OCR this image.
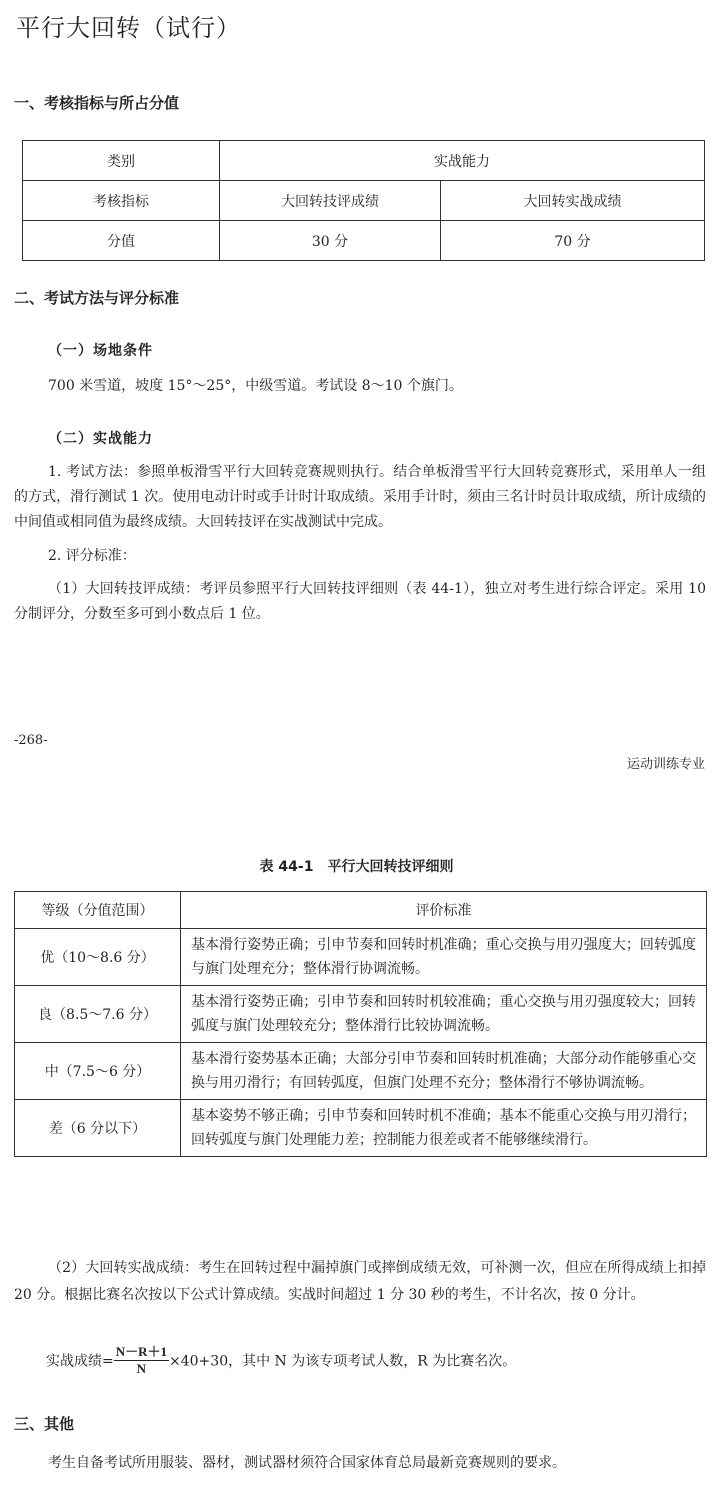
平行大回转（试行）
一、考核指标与所占分值
类别	实战能力	
考核指标	大回转技评成绩	大回转实战成绩
分值	30 分	70 分
二、考试方法与评分标准
（一）场地条件
700 米雪道，坡度 15°～25°，中级雪道。考试设 8～10 个旗门。
（二）实战能力
1. 考试方法：参照单板滑雪平行大回转竞赛规则执行。结合单板滑雪平行大回转竞赛形式，采用单人一组的方式，滑行测试 1 次。使用电动计时或手计时计取成绩。采用手计时，须由三名计时员计取成绩，所计成绩的中间值或相同值为最终成绩。大回转技评在实战测试中完成。
2. 评分标准：
（1）大回转技评成绩：考评员参照平行大回转技评细则（表 44-1），独立对考生进行综合评定。采用 10 分制评分，分数至多可到小数点后 1 位。
-268-
运动训练专业
表 44-1　平行大回转技评细则
等级（分值范围）	评价标准
优（10～8.6 分）	基本滑行姿势正确；引申节奏和回转时机准确；重心交换与用刃强度大；回转弧度与旗门处理充分；整体滑行协调流畅。
良（8.5～7.6 分）	基本滑行姿势正确；引申节奏和回转时机较准确；重心交换与用刃强度较大；回转弧度与旗门处理较充分；整体滑行比较协调流畅。
中（7.5～6 分）	基本滑行姿势基本正确；大部分引申节奏和回转时机准确；大部分动作能够重心交换与用刃滑行；有回转弧度，但旗门处理不充分；整体滑行不够协调流畅。
差（6 分以下）	基本姿势不够正确；引申节奏和回转时机不准确；基本不能重心交换与用刃滑行；回转弧度与旗门处理能力差；控制能力很差或者不能够继续滑行。
（2）大回转实战成绩：考生在回转过程中漏掉旗门或摔倒成绩无效，可补测一次，但应在所得成绩上扣掉 20 分。根据比赛名次按以下公式计算成绩。实战时间超过 1 分 30 秒的考生，不计名次，按 0 分计。
实战成绩= $\frac{N-R+1}{N} \times 40+30$，其中 N 为该专项考试人数，R 为比赛名次。
三、其他
考生自备考试所用服装、器材，测试器材须符合国家体育总局最新竞赛规则的要求。
